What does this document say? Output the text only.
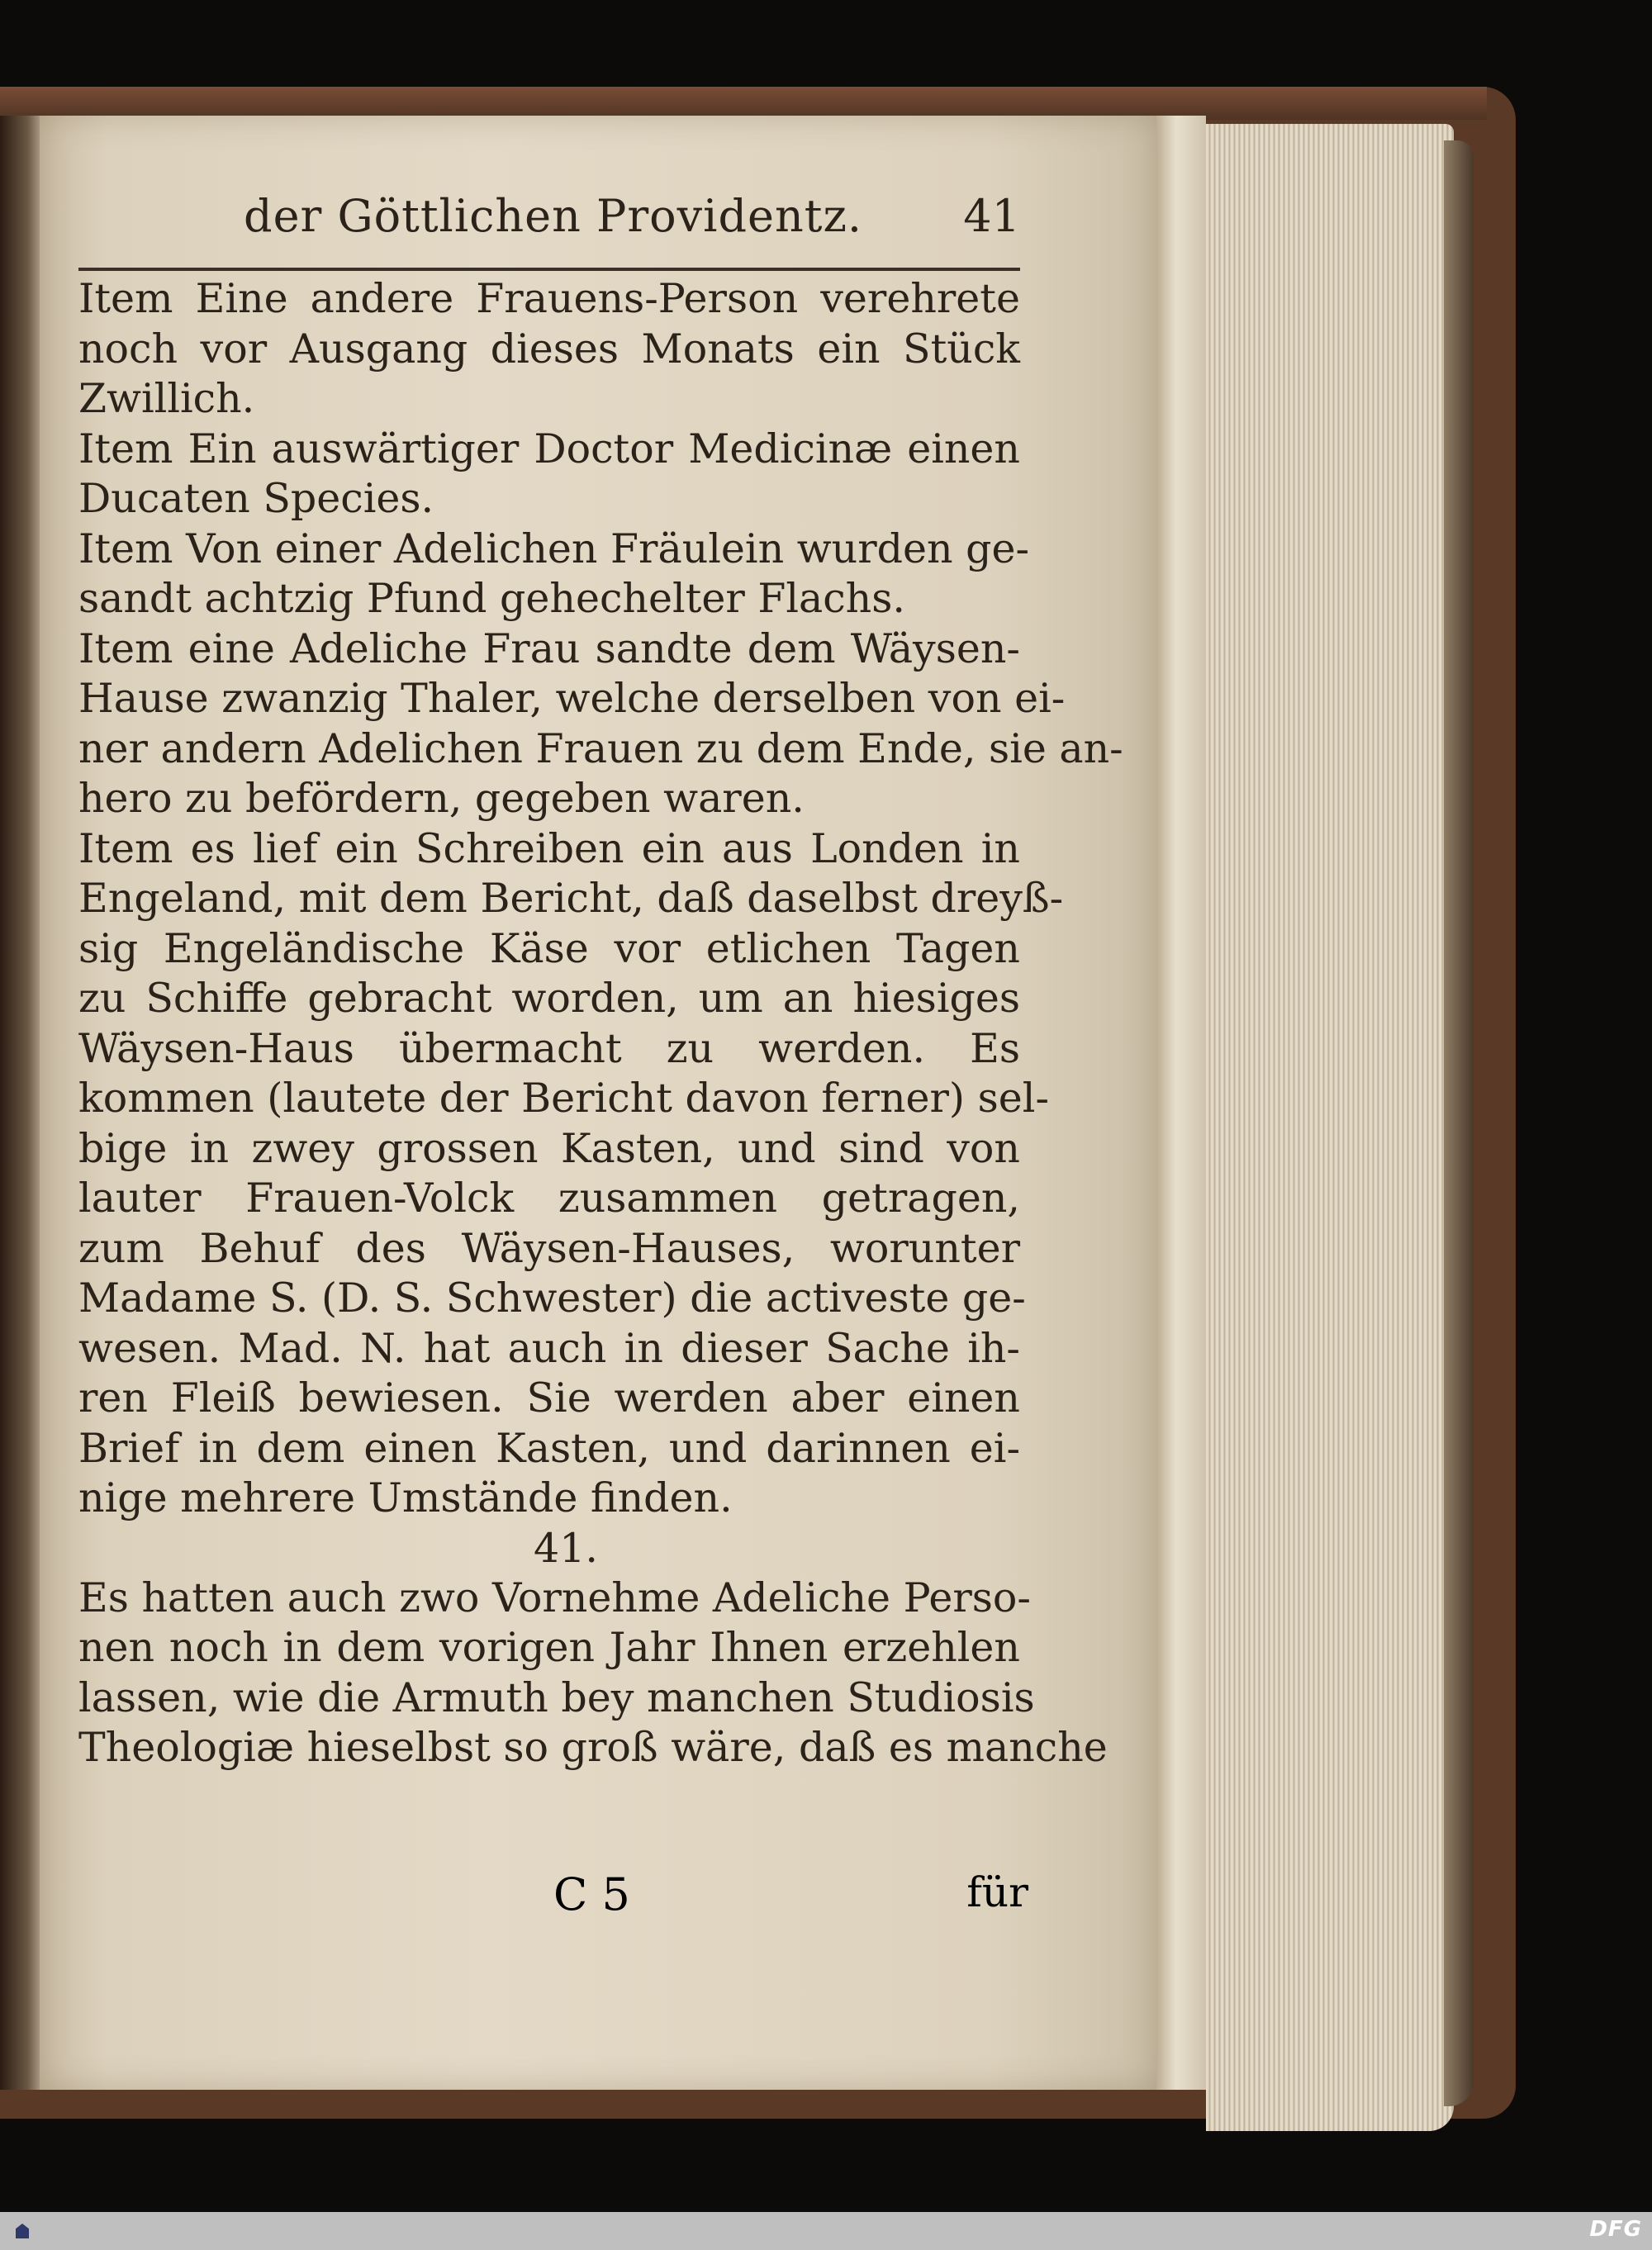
der Göttlichen Providentz. 41
Item Eine andere Frauens-Person verehrete
noch vor Ausgang dieses Monats ein Stück
Zwillich.
Item Ein auswärtiger Doctor Medicinæ einen
Ducaten Species.
Item Von einer Adelichen Fräulein wurden ge-
sandt achtzig Pfund gehechelter Flachs.
Item eine Adeliche Frau sandte dem Wäysen-
Hause zwanzig Thaler, welche derselben von ei-
ner andern Adelichen Frauen zu dem Ende, sie an-
hero zu befördern, gegeben waren.
Item es lief ein Schreiben ein aus Londen in
Engeland, mit dem Bericht, daß daselbst dreyß-
sig Engeländische Käse vor etlichen Tagen
zu Schiffe gebracht worden, um an hiesiges
Wäysen-Haus übermacht zu werden. Es
kommen (lautete der Bericht davon ferner) sel-
bige in zwey grossen Kasten, und sind von
lauter Frauen-Volck zusammen getragen,
zum Behuf des Wäysen-Hauses, worunter
Madame S. (D. S. Schwester) die activeste ge-
wesen. Mad. N. hat auch in dieser Sache ih-
ren Fleiß bewiesen. Sie werden aber einen
Brief in dem einen Kasten, und darinnen ei-
nige mehrere Umstände finden.
41.
Es hatten auch zwo Vornehme Adeliche Perso-
nen noch in dem vorigen Jahr Ihnen erzehlen
lassen, wie die Armuth bey manchen Studiosis
Theologiæ hieselbst so groß wäre, daß es manche
C 5	für
DFG
